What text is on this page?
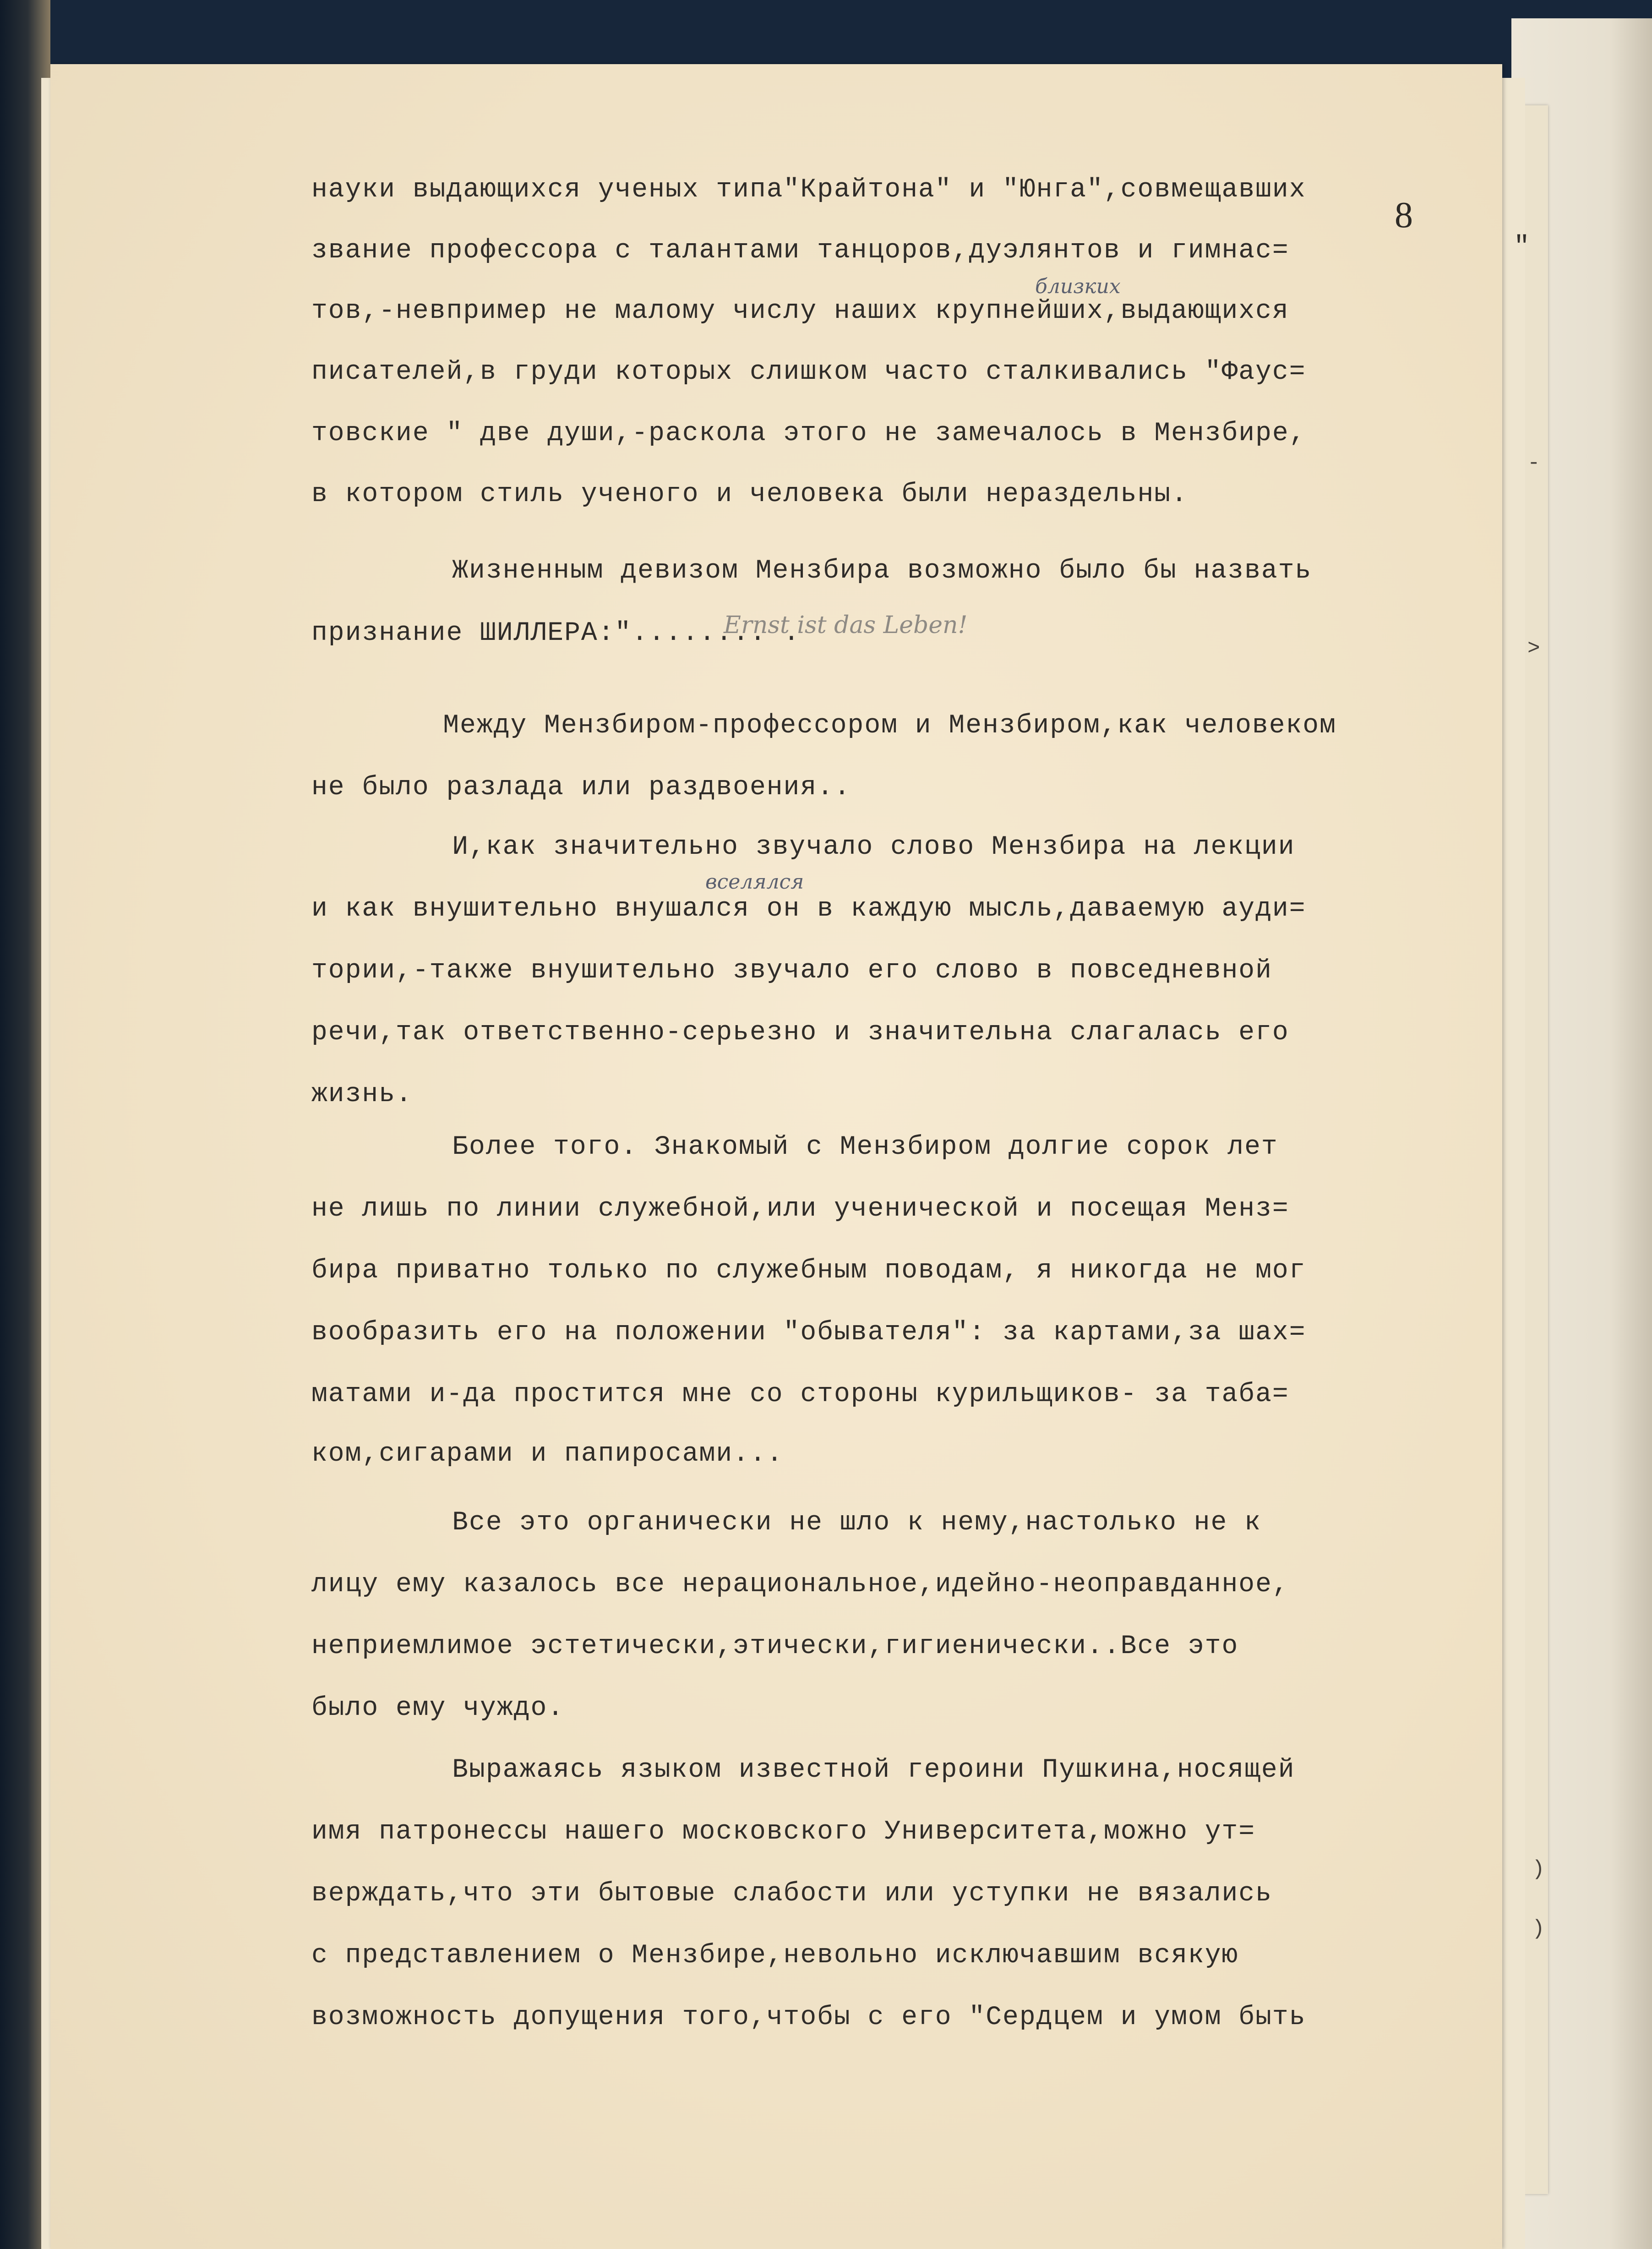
8
науки выдающихся ученых типа"Крайтона" и "Юнга",совмещавших
звание профессора с талантами танцоров,дуэлянтов и гимнас=
тов,-невпример не малому числу наших крупнейших,выдающихся
писателей,в груди которых слишком часто сталкивались "Фаус=
товские " две души,-раскола этого не замечалось в Мензбире,
в котором стиль ученого и человека были нераздельны.
Жизненным девизом Мензбира возможно было бы назвать
признание ШИЛЛЕРА:"........ .
Между Мензбиром-профессором и Мензбиром,как человеком
не было разлада или раздвоения..
И,как значительно звучало слово Мензбира на лекции
и как внушительно внушался он в каждую мысль,даваемую ауди=
тории,-также внушительно звучало его слово в повседневной
речи,так ответственно-серьезно и значительна слагалась его
жизнь.
Более того. Знакомый с Мензбиром долгие сорок лет
не лишь по линии служебной,или ученической и посещая Менз=
бира приватно только по служебным поводам, я никогда не мог
вообразить его на положении "обывателя": за картами,за шах=
матами и-да простится мне со стороны курильщиков- за таба=
ком,сигарами и папиросами...
Все это органически не шло к нему,настолько не к
лицу ему казалось все нерациональное,идейно-неоправданное,
неприемлимое эстетически,этически,гигиенически..Все это
было ему чуждо.
Выражаясь языком известной героини Пушкина,носящей
имя патронессы нашего московского Университета,можно ут=
верждать,что эти бытовые слабости или уступки не вязались
с представлением о Мензбире,невольно исключавшим всякую
возможность допущения того,чтобы с его "Сердцем и умом быть
близких
Ernst ist das Leben!
вселялся
"
-
>
)
)
